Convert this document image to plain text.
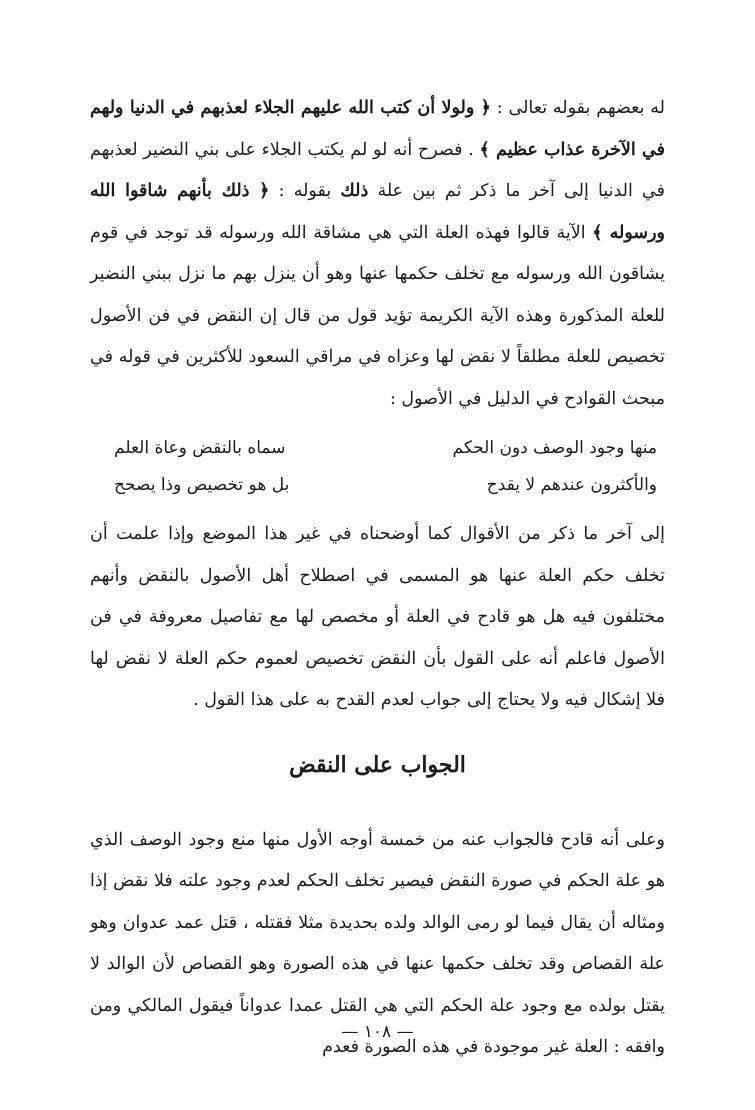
له بعضهم بقوله تعالى : ﴿ ولولا أن كتب الله عليهم الجلاء لعذبهم في الدنيا ولهم في الآخرة عذاب عظيم ﴾ . فصرح أنه لو لم يكتب الجلاء على بني النضير لعذبهم في الدنيا إلى آخر ما ذكر ثم بين علة ذلك بقوله : ﴿ ذلك بأنهم شاقوا الله ورسوله ﴾ الآية قالوا فهذه العلة التي هي مشاقة الله ورسوله قد توجد في قوم يشاقون الله ورسوله مع تخلف حكمها عنها وهو أن ينزل بهم ما نزل ببني النضير للعلة المذكورة وهذه الآية الكريمة تؤيد قول من قال إن النقض في فن الأصول تخصيص للعلة مطلقاً لا نقض لها وعزاه في مراقي السعود للأكثرين في قوله في مبحث القوادح في الدليل في الأصول :

منها وجود الوصف دون الحكم
سماه بالنقض وعاة العلم
والأكثرون عندهم لا يقدح
بل هو تخصيص وذا يصحح

إلى آخر ما ذكر من الأقوال كما أوضحناه في غير هذا الموضع وإذا علمت أن تخلف حكم العلة عنها هو المسمى في اصطلاح أهل الأصول بالنقض وأنهم مختلفون فيه هل هو قادح في العلة أو مخصص لها مع تفاصيل معروفة في فن الأصول فاعلم أنه على القول بأن النقض تخصيص لعموم حكم العلة لا نقض لها فلا إشكال فيه ولا يحتاج إلى جواب لعدم القدح به على هذا القول .

الجواب على النقض

وعلى أنه قادح فالجواب عنه من خمسة أوجه الأول منها منع وجود الوصف الذي هو علة الحكم في صورة النقض فيصير تخلف الحكم لعدم وجود علته فلا نقض إذا ومثاله أن يقال فيما لو رمى الوالد ولده بحديدة مثلا فقتله ، قتل عمد عدوان وهو علة القصاص وقد تخلف حكمها عنها في هذه الصورة وهو القصاص لأن الوالد لا يقتل بولده مع وجود علة الحكم التي هي القتل عمدا عدواناً فيقول المالكي ومن وافقه : العلة غير موجودة في هذه الصورة فعدم

— ١٠٨ —
